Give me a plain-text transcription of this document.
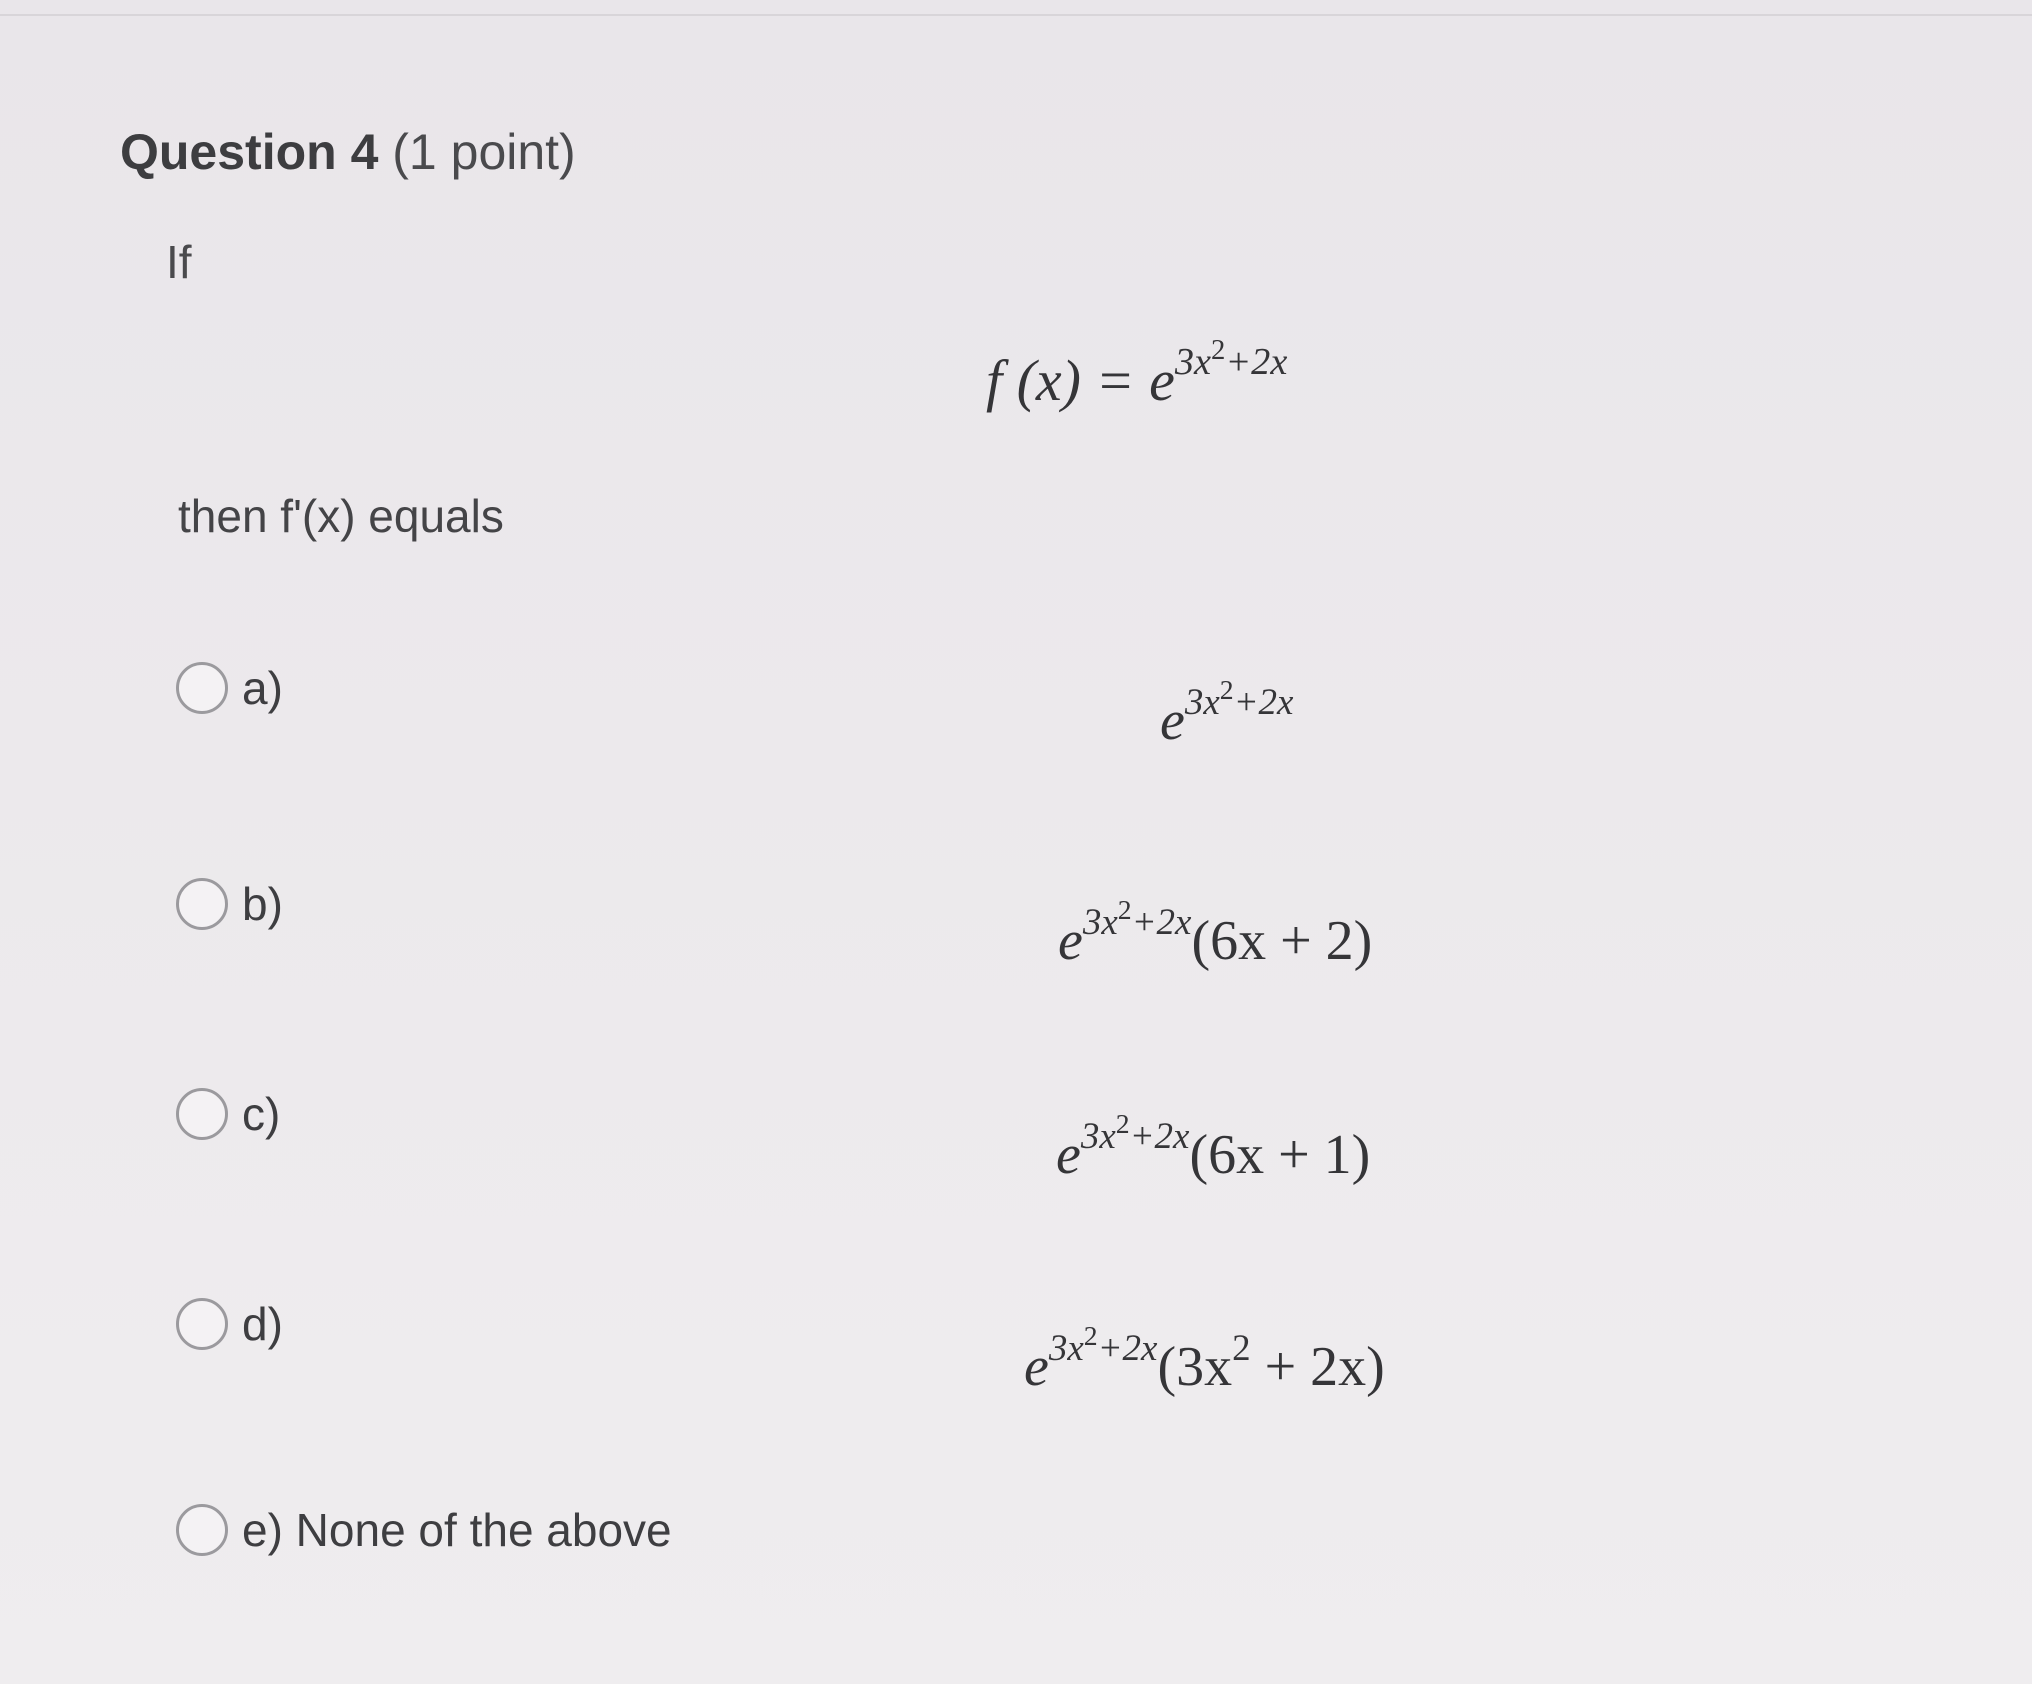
Question 4 (1 point)
If
f $(x) = e^{3x^2+2x}$
then f'(x) equals
a)
$e^{3x^2+2x}$
b)
$e^{3x^2+2x}(6x + 2)$
c)
$e^{3x^2+2x}(6x + 1)$
d)
$e^{3x^2+2x}(3x^2 + 2x)$
e) None of the above
